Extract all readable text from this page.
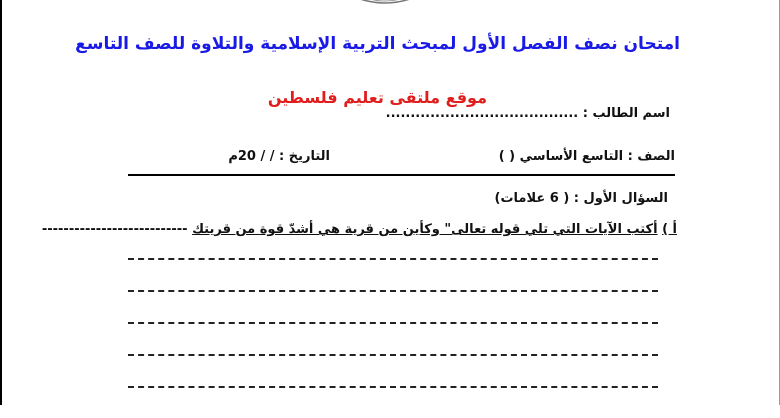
امتحان نصف الفصل الأول لمبحث التربية الإسلامية والتلاوة للصف التاسع
موقع ملتقى تعليم فلسطين
اسم الطالب : .......................................
الصف : التاسع الأساسي ( )
التاريخ : / / 20م
السؤال الأول : ( 6 علامات)
أ ) أكتب الآيات التي تلي قوله تعالى" وكأين من قرية هي أشدّ قوة من قريتك ---------------------------
